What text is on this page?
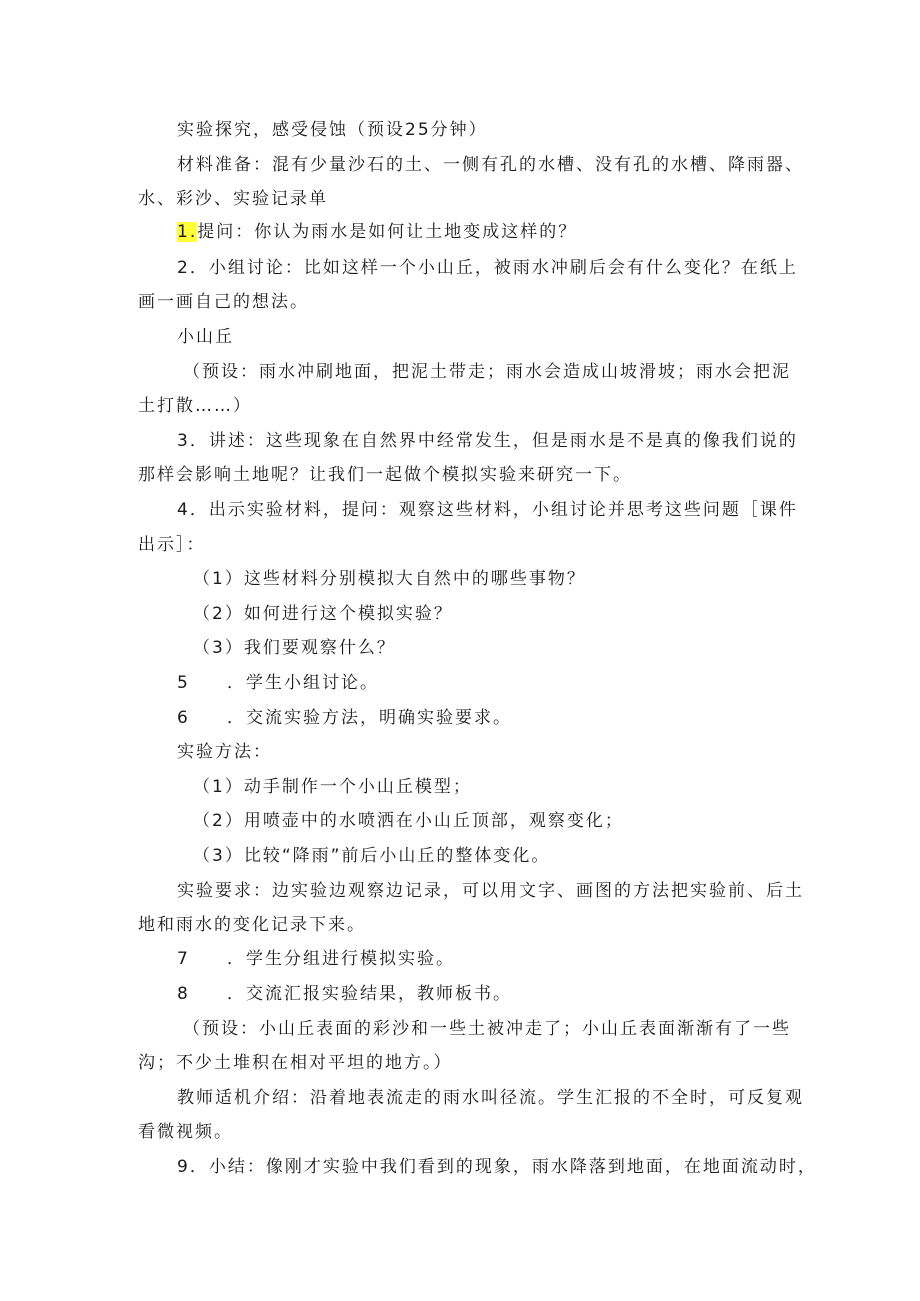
实验探究，感受侵蚀（预设25分钟）
材料准备：混有少量沙石的土、一侧有孔的水槽、没有孔的水槽、降雨器、
水、彩沙、实验记录单
1.提问：你认为雨水是如何让土地变成这样的？
2．小组讨论：比如这样一个小山丘，被雨水冲刷后会有什么变化？在纸上
画一画自己的想法。
小山丘
（预设：雨水冲刷地面，把泥土带走；雨水会造成山坡滑坡；雨水会把泥
土打散……）
3．讲述：这些现象在自然界中经常发生，但是雨水是不是真的像我们说的
那样会影响土地呢？让我们一起做个模拟实验来研究一下。
4．出示实验材料，提问：观察这些材料，小组讨论并思考这些问题［课件
出示］：
（1）这些材料分别模拟大自然中的哪些事物？
（2）如何进行这个模拟实验？
（3）我们要观察什么？
5 ．学生小组讨论。
6 ．交流实验方法，明确实验要求。
实验方法：
（1）动手制作一个小山丘模型；
（2）用喷壶中的水喷洒在小山丘顶部，观察变化；
（3）比较“降雨”前后小山丘的整体变化。
实验要求：边实验边观察边记录，可以用文字、画图的方法把实验前、后土
地和雨水的变化记录下来。
7 ．学生分组进行模拟实验。
8 ．交流汇报实验结果，教师板书。
（预设：小山丘表面的彩沙和一些土被冲走了；小山丘表面渐渐有了一些
沟；不少土堆积在相对平坦的地方。）
教师适机介绍：沿着地表流走的雨水叫径流。学生汇报的不全时，可反复观
看微视频。
9．小结：像刚才实验中我们看到的现象，雨水降落到地面，在地面流动时，
